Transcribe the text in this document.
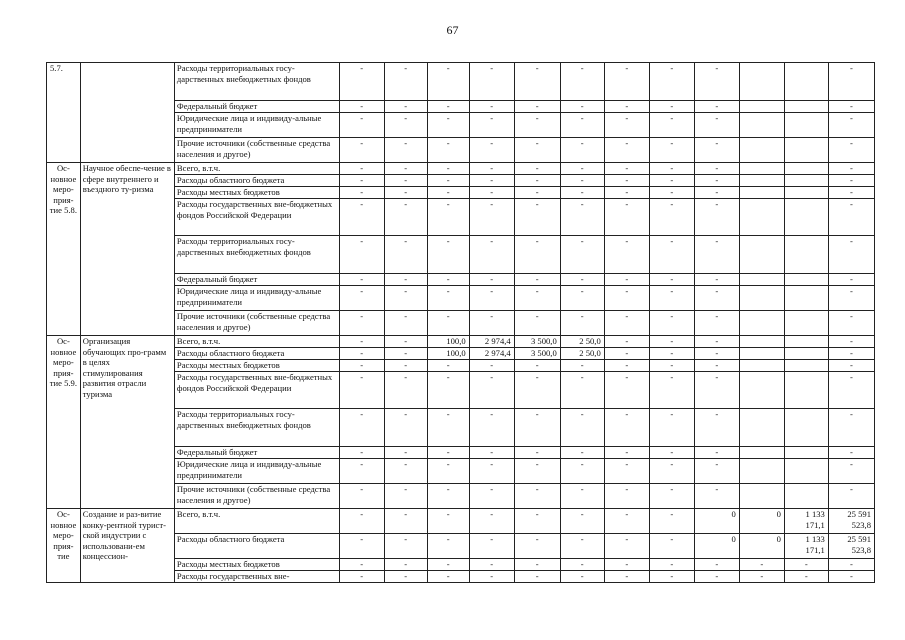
67
5.7.		Расходы территориальных госу-дарственных внебюджетных фондов	-	-	-	-	-	-	-	-	-			-
		Федеральный бюджет	-	-	-	-	-	-	-	-	-			-
		Юридические лица и индивиду-альные предприниматели	-	-	-	-	-	-	-	-	-			-
		Прочие источники (собственные средства населения и другое)	-	-	-	-	-	-	-	-	-			-
Ос-новное меро-прия-тие 5.8.	Научное обеспе-чение в сфере внутреннего и въездного ту-ризма	Всего, в.т.ч.	-	-	-	-	-	-	-	-	-			-
		Расходы областного бюджета	-	-	-	-	-	-	-	-	-			-
		Расходы местных бюджетов	-	-	-	-	-	-	-	-	-			-
		Расходы государственных вне-бюджетных фондов Российской Федерации	-	-	-	-	-	-	-	-	-			-
		Расходы территориальных госу-дарственных внебюджетных фондов	-	-	-	-	-	-	-	-	-			-
		Федеральный бюджет	-	-	-	-	-	-	-	-	-			-
		Юридические лица и индивиду-альные предприниматели	-	-	-	-	-	-	-	-	-			-
		Прочие источники (собственные средства населения и другое)	-	-	-	-	-	-	-	-	-			-
Ос-новное меро-прия-тие 5.9.	Организация обучающих про-грамм в целях стимулирования развития отрасли туризма	Всего, в.т.ч.	-	-	100,0	2 974,4	3 500,0	2 50,0	-	-	-			-
		Расходы областного бюджета	-	-	100,0	2 974,4	3 500,0	2 50,0	-	-	-			-
		Расходы местных бюджетов	-	-	-	-	-	-	-	-	-			-
		Расходы государственных вне-бюджетных фондов Российской Федерации	-	-	-	-	-	-	-	-	-			-
		Расходы территориальных госу-дарственных внебюджетных фондов	-	-	-	-	-	-	-	-	-			-
		Федеральный бюджет	-	-	-	-	-	-	-	-	-			-
		Юридические лица и индивиду-альные предприниматели	-	-	-	-	-	-	-	-	-			-
		Прочие источники (собственные средства населения и другое)	-	-	-	-	-	-	-	-	-			-
Ос-новное меро-прия-тие	Создание и раз-витие конку-рентной турист-ской индустрии с использовани-ем концессион-	Всего, в.т.ч.	-	-	-	-	-	-	-	-	0	0	1 133 171,1	25 591 523,8
		Расходы областного бюджета	-	-	-	-	-	-	-	-	0	0	1 133 171,1	25 591 523,8
		Расходы местных бюджетов	-	-	-	-	-	-	-	-	-	-	-	-
		Расходы государственных вне-	-	-	-	-	-	-	-	-	-	-	-	-
